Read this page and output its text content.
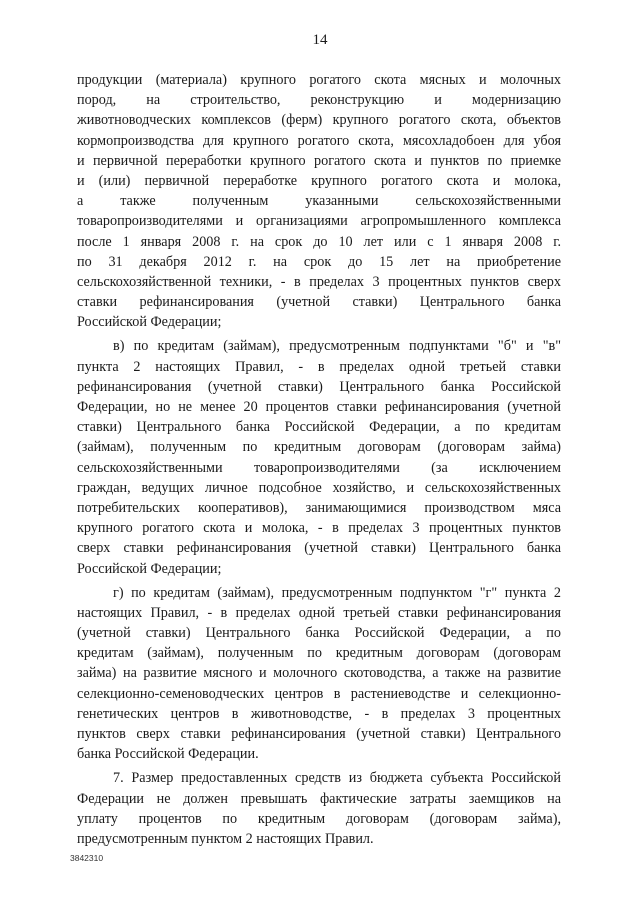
14
продукции (материала) крупного рогатого скота мясных и молочных
пород, на строительство, реконструкцию и модернизацию
животноводческих комплексов (ферм) крупного рогатого скота, объектов
кормопроизводства для крупного рогатого скота, мясохладобоен для убоя
и первичной переработки крупного рогатого скота и пунктов по приемке
и (или) первичной переработке крупного рогатого скота и молока,
а также полученным указанными сельскохозяйственными
товаропроизводителями и организациями агропромышленного комплекса
после 1 января 2008 г. на срок до 10 лет или с 1 января 2008 г.
по 31 декабря 2012 г. на срок до 15 лет на приобретение
сельскохозяйственной техники, - в пределах 3 процентных пунктов сверх
ставки рефинансирования (учетной ставки) Центрального банка
Российской Федерации;
в) по кредитам (займам), предусмотренным подпунктами "б" и "в"
пункта 2 настоящих Правил, - в пределах одной третьей ставки
рефинансирования (учетной ставки) Центрального банка Российской
Федерации, но не менее 20 процентов ставки рефинансирования (учетной
ставки) Центрального банка Российской Федерации, а по кредитам
(займам), полученным по кредитным договорам (договорам займа)
сельскохозяйственными товаропроизводителями (за исключением
граждан, ведущих личное подсобное хозяйство, и сельскохозяйственных
потребительских кооперативов), занимающимися производством мяса
крупного рогатого скота и молока, - в пределах 3 процентных пунктов
сверх ставки рефинансирования (учетной ставки) Центрального банка
Российской Федерации;
г) по кредитам (займам), предусмотренным подпунктом "г" пункта 2
настоящих Правил, - в пределах одной третьей ставки рефинансирования
(учетной ставки) Центрального банка Российской Федерации, а по
кредитам (займам), полученным по кредитным договорам (договорам
займа) на развитие мясного и молочного скотоводства, а также на развитие
селекционно-семеноводческих центров в растениеводстве и селекционно-
генетических центров в животноводстве, - в пределах 3 процентных
пунктов сверх ставки рефинансирования (учетной ставки) Центрального
банка Российской Федерации.
7. Размер предоставленных средств из бюджета субъекта Российской
Федерации не должен превышать фактические затраты заемщиков на
уплату процентов по кредитным договорам (договорам займа),
предусмотренным пунктом 2 настоящих Правил.
3842310
